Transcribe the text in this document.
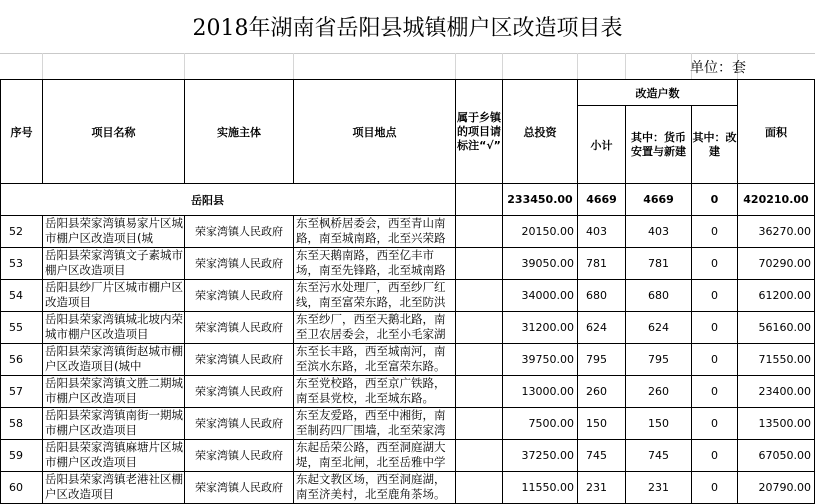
2018年湖南省岳阳县城镇棚户区改造项目表
单位：套
序号	项目名称	实施主体	项目地点	属于乡镇的项目请标注“√”	总投资	改造户数			面积
						小计	其中：货币安置与新建	其中：改建	
岳阳县					233450.00	4669	4669	0	420210.00
52	岳阳县荣家湾镇易家片区城市棚户区改造项目(城	荣家湾镇人民政府	东至枫桥居委会，西至青山南路，南至城南路，北至兴荣路		20150.00	403	403	0	36270.00
53	岳阳县荣家湾镇文子素城市棚户区改造项目	荣家湾镇人民政府	东至天鹅南路，西至亿丰市场，南至先锋路，北至城南路		39050.00	781	781	0	70290.00
54	岳阳县纱厂片区城市棚户区改造项目	荣家湾镇人民政府	东至污水处理厂，西至纱厂红线，南至富荣东路，北至防洪		34000.00	680	680	0	61200.00
55	岳阳县荣家湾镇城北坡内荣城市棚户区改造项目	荣家湾镇人民政府	东至纱厂，西至天鹅北路，南至卫农居委会，北至小毛家湖		31200.00	624	624	0	56160.00
56	岳阳县荣家湾镇街赵城市棚户区改造项目(城中	荣家湾镇人民政府	东至长丰路，西至城南河，南至滨水东路，北至富荣东路。		39750.00	795	795	0	71550.00
57	岳阳县荣家湾镇文胜二期城市棚户区改造项目	荣家湾镇人民政府	东至党校路，西至京广铁路，南至县党校，北至城东路。		13000.00	260	260	0	23400.00
58	岳阳县荣家湾镇南街一期城市棚户区改造项目	荣家湾镇人民政府	东至友爱路，西至中湘街，南至制药四厂围墙，北至荣家湾		7500.00	150	150	0	13500.00
59	岳阳县荣家湾镇麻塘片区城市棚户区改造项目	荣家湾镇人民政府	东起岳荣公路，西至洞庭湖大堤，南至北闸，北至岳雅中学		37250.00	745	745	0	67050.00
60	岳阳县荣家湾镇老港社区棚户区改造项目	荣家湾镇人民政府	东起文教区场，西至洞庭湖，南至济美村，北至鹿角茶场。		11550.00	231	231	0	20790.00
